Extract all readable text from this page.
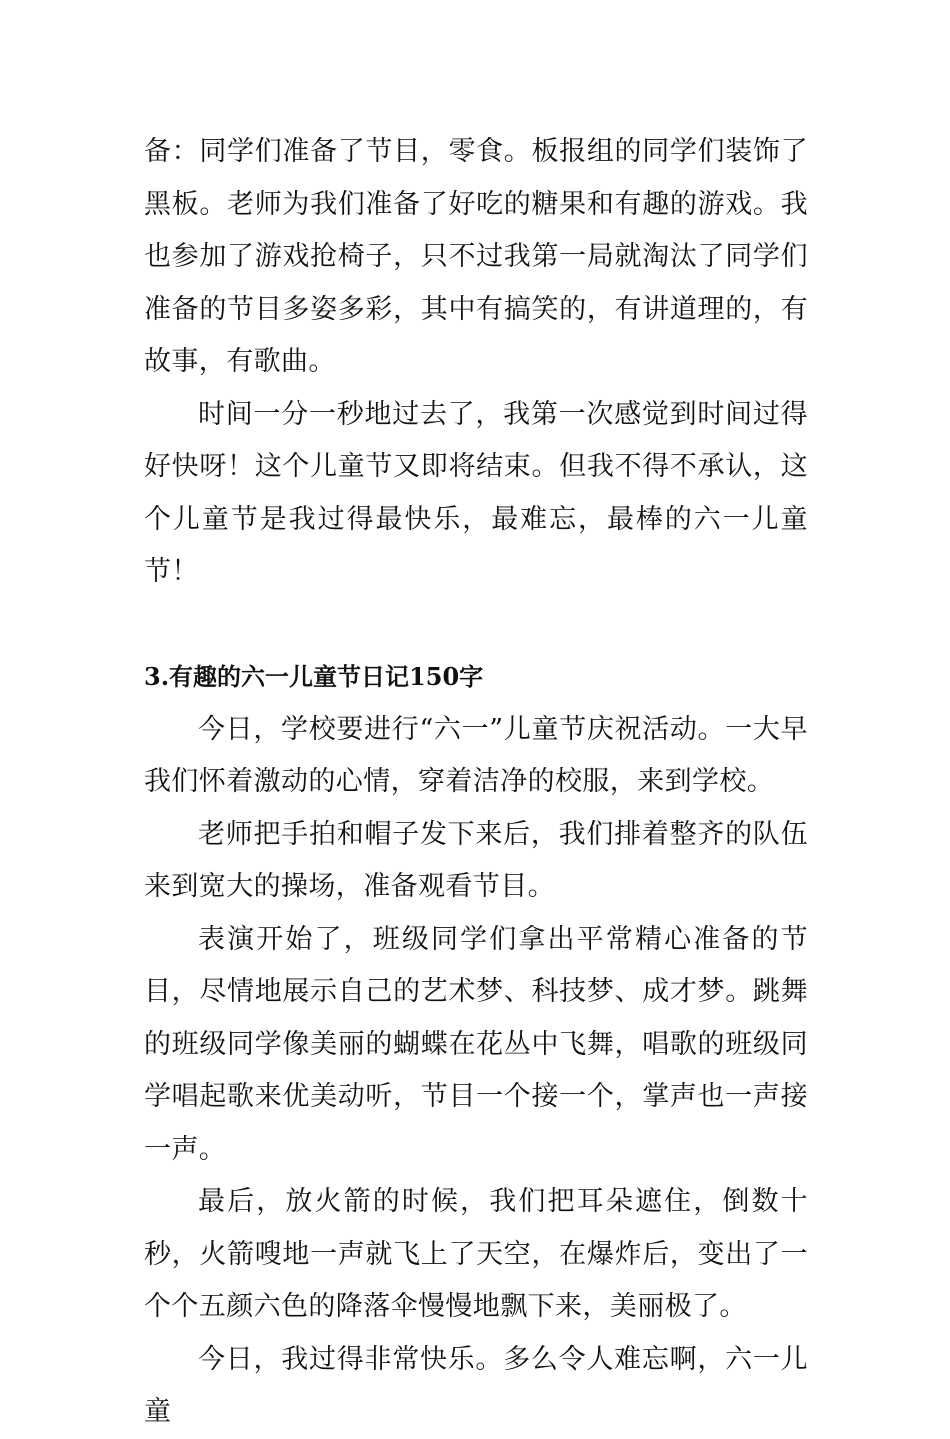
备：同学们准备了节目，零食。板报组的同学们装饰了黑板。老师为我们准备了好吃的糖果和有趣的游戏。我也参加了游戏抢椅子，只不过我第一局就淘汰了同学们准备的节目多姿多彩，其中有搞笑的，有讲道理的，有故事，有歌曲。

时间一分一秒地过去了，我第一次感觉到时间过得好快呀！这个儿童节又即将结束。但我不得不承认，这个儿童节是我过得最快乐，最难忘，最棒的六一儿童节！

3.有趣的六一儿童节日记150字

今日，学校要进行“六一”儿童节庆祝活动。一大早我们怀着激动的心情，穿着洁净的校服，来到学校。

老师把手拍和帽子发下来后，我们排着整齐的队伍来到宽大的操场，准备观看节目。

表演开始了，班级同学们拿出平常精心准备的节目，尽情地展示自己的艺术梦、科技梦、成才梦。跳舞的班级同学像美丽的蝴蝶在花丛中飞舞，唱歌的班级同学唱起歌来优美动听，节目一个接一个，掌声也一声接一声。

最后，放火箭的时候，我们把耳朵遮住，倒数十秒，火箭嗖地一声就飞上了天空，在爆炸后，变出了一个个五颜六色的降落伞慢慢地飘下来，美丽极了。

今日，我过得非常快乐。多么令人难忘啊，六一儿童
